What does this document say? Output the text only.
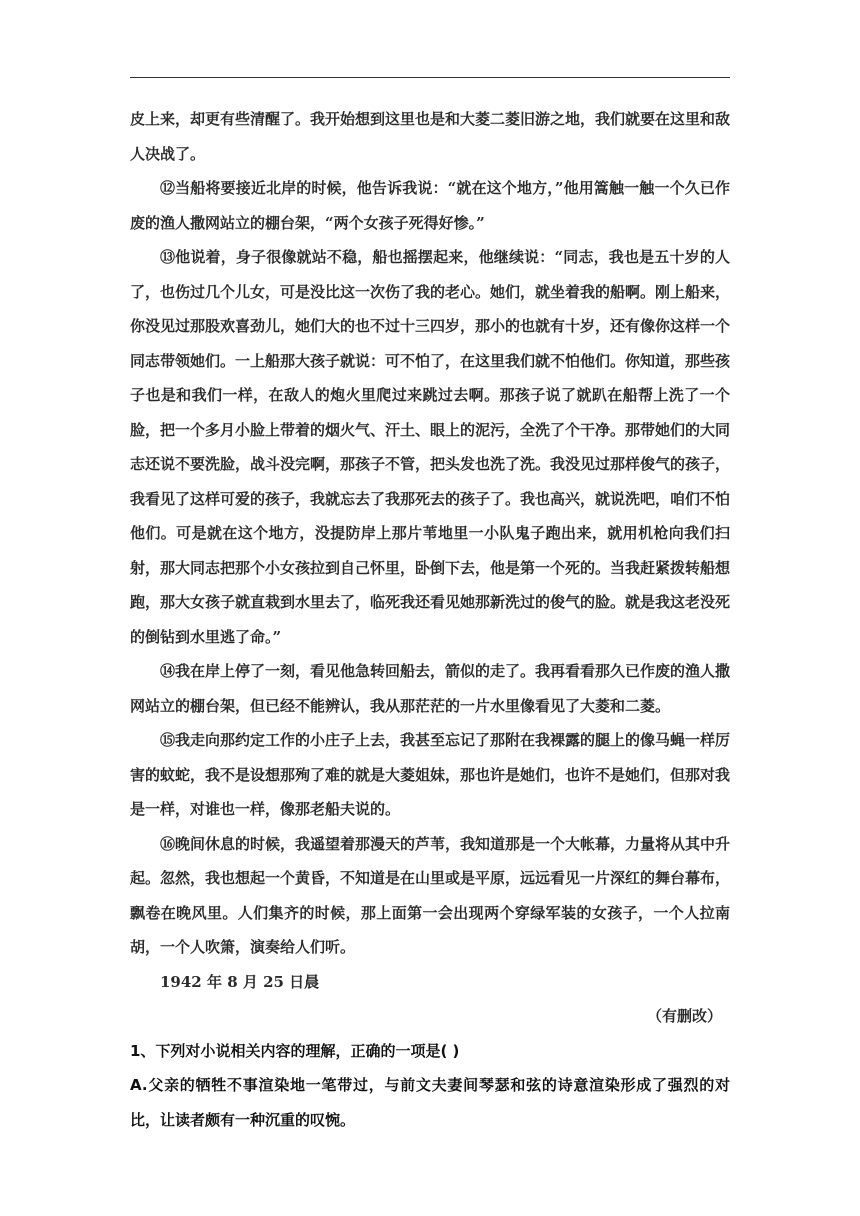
皮上来，却更有些清醒了。我开始想到这里也是和大菱二菱旧游之地，我们就要在这里和敌人决战了。

⑫当船将要接近北岸的时候，他告诉我说：“就在这个地方，”他用篙触一触一个久已作废的渔人撒网站立的棚台架，“两个女孩子死得好惨。”

⑬他说着，身子很像就站不稳，船也摇摆起来，他继续说：“同志，我也是五十岁的人了，也伤过几个儿女，可是没比这一次伤了我的老心。她们，就坐着我的船啊。刚上船来，你没见过那股欢喜劲儿，她们大的也不过十三四岁，那小的也就有十岁，还有像你这样一个同志带领她们。一上船那大孩子就说：可不怕了，在这里我们就不怕他们。你知道，那些孩子也是和我们一样，在敌人的炮火里爬过来跳过去啊。那孩子说了就趴在船帮上洗了一个脸，把一个多月小脸上带着的烟火气、汗土、眼上的泥污，全洗了个干净。那带她们的大同志还说不要洗脸，战斗没完啊，那孩子不管，把头发也洗了洗。我没见过那样俊气的孩子，我看见了这样可爱的孩子，我就忘去了我那死去的孩子了。我也高兴，就说洗吧，咱们不怕他们。可是就在这个地方，没提防岸上那片苇地里一小队鬼子跑出来，就用机枪向我们扫射，那大同志把那个小女孩拉到自己怀里，卧倒下去，他是第一个死的。当我赶紧拨转船想跑，那大女孩子就直栽到水里去了，临死我还看见她那新洗过的俊气的脸。就是我这老没死的倒钻到水里逃了命。”

⑭我在岸上停了一刻，看见他急转回船去，箭似的走了。我再看看那久已作废的渔人撒网站立的棚台架，但已经不能辨认，我从那茫茫的一片水里像看见了大菱和二菱。

⑮我走向那约定工作的小庄子上去，我甚至忘记了那附在我裸露的腿上的像马蝇一样厉害的蚊蛇，我不是设想那殉了难的就是大菱姐妹，那也许是她们，也许不是她们，但那对我是一样，对谁也一样，像那老船夫说的。

⑯晚间休息的时候，我遥望着那漫天的芦苇，我知道那是一个大帐幕，力量将从其中升起。忽然，我也想起一个黄昏，不知道是在山里或是平原，远远看见一片深红的舞台幕布，飘卷在晚风里。人们集齐的时候，那上面第一会出现两个穿绿军装的女孩子，一个人拉南胡，一个人吹箫，演奏给人们听。

1942 年 8 月 25 日晨

（有删改）

1、下列对小说相关内容的理解，正确的一项是( )

A.父亲的牺牲不事渲染地一笔带过，与前文夫妻间琴瑟和弦的诗意渲染形成了强烈的对比，让读者颇有一种沉重的叹惋。
